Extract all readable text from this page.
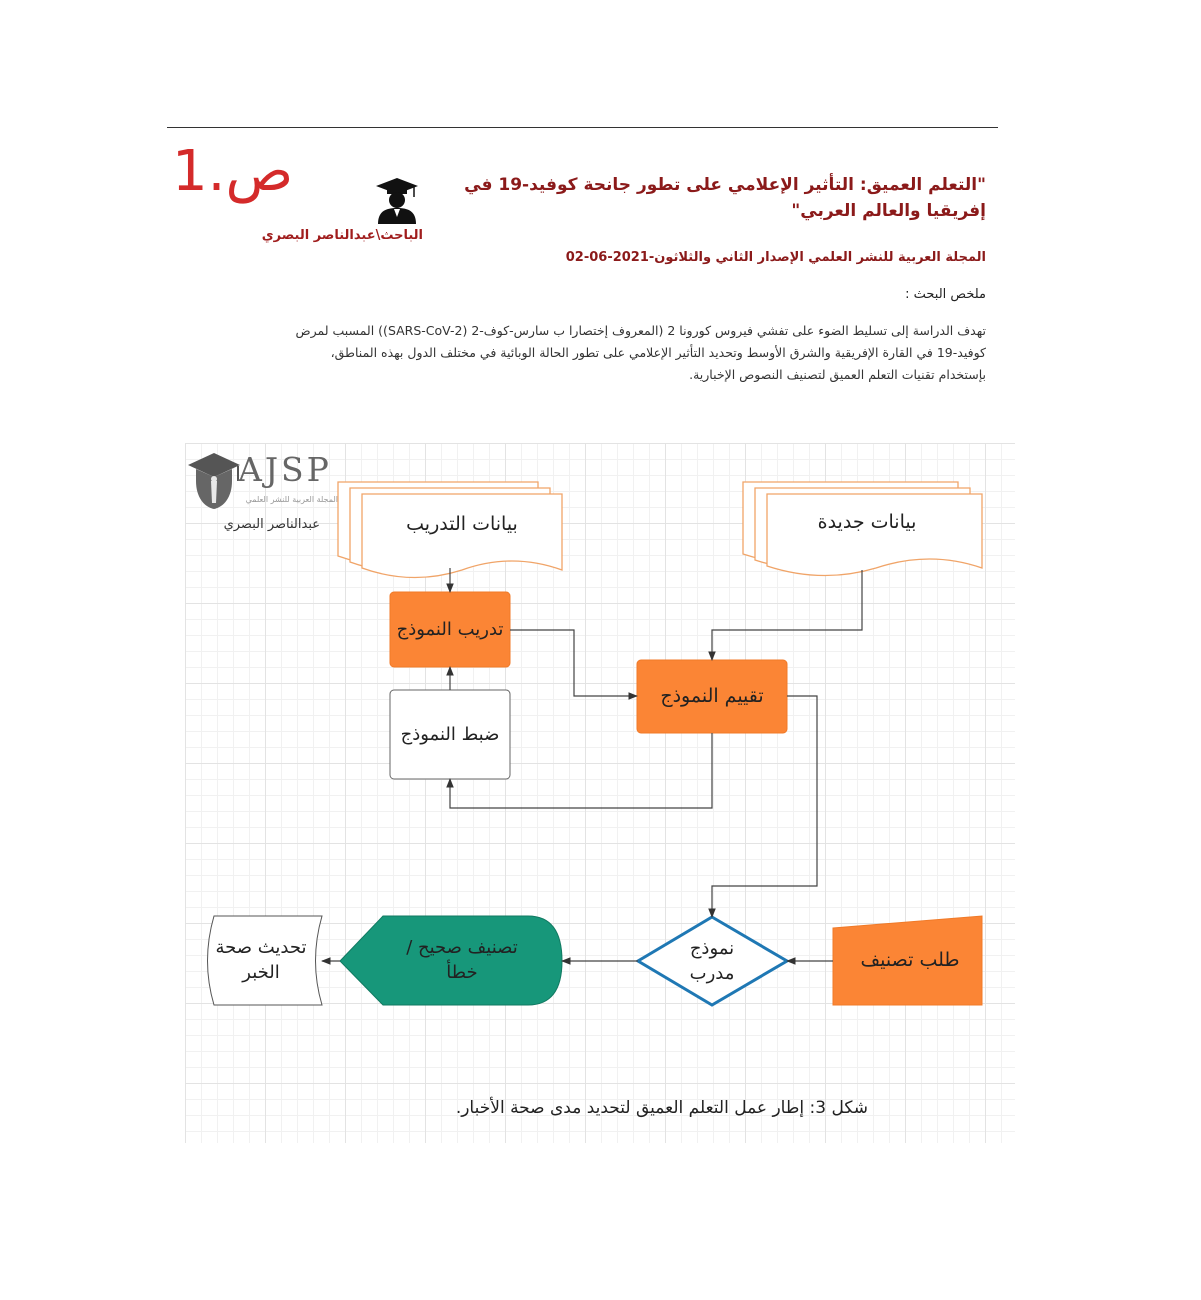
ص.1	"التعلم العميق: التأثير الإعلامي على تطور جانحة كوفيد-19 في إفريقيا والعالم العربي"
الباحث\عبدالناصر البصري
المجلة العربية للنشر العلمي الإصدار الثاني والثلاثون-2021-06-02
ملخص البحث :
تهدف الدراسة إلى تسليط الضوء على تفشي فيروس كورونا 2 (المعروف إختصارا ب سارس-كوف-2 (SARS-CoV-2)) المسبب لمرض
كوفيد-19 في القارة الإفريقية والشرق الأوسط وتحديد التأثير الإعلامي على تطور الحالة الوبائية في مختلف الدول بهذه المناطق،
بإستخدام تقنيات التعلم العميق لتصنيف النصوص الإخبارية.
AJSP
المجلة العربية للنشر العلمي
عبدالناصر البصري	بيانات التدريب	بيانات جديدة
تدريب النموذج
ضبط النموذج
تقييم النموذج
طلب تصنيف
نموذج مدرب
تصنيف صحيح / خطأ
تحديث صحة الخبر
شكل 3: إطار عمل التعلم العميق لتحديد مدى صحة الأخبار.
